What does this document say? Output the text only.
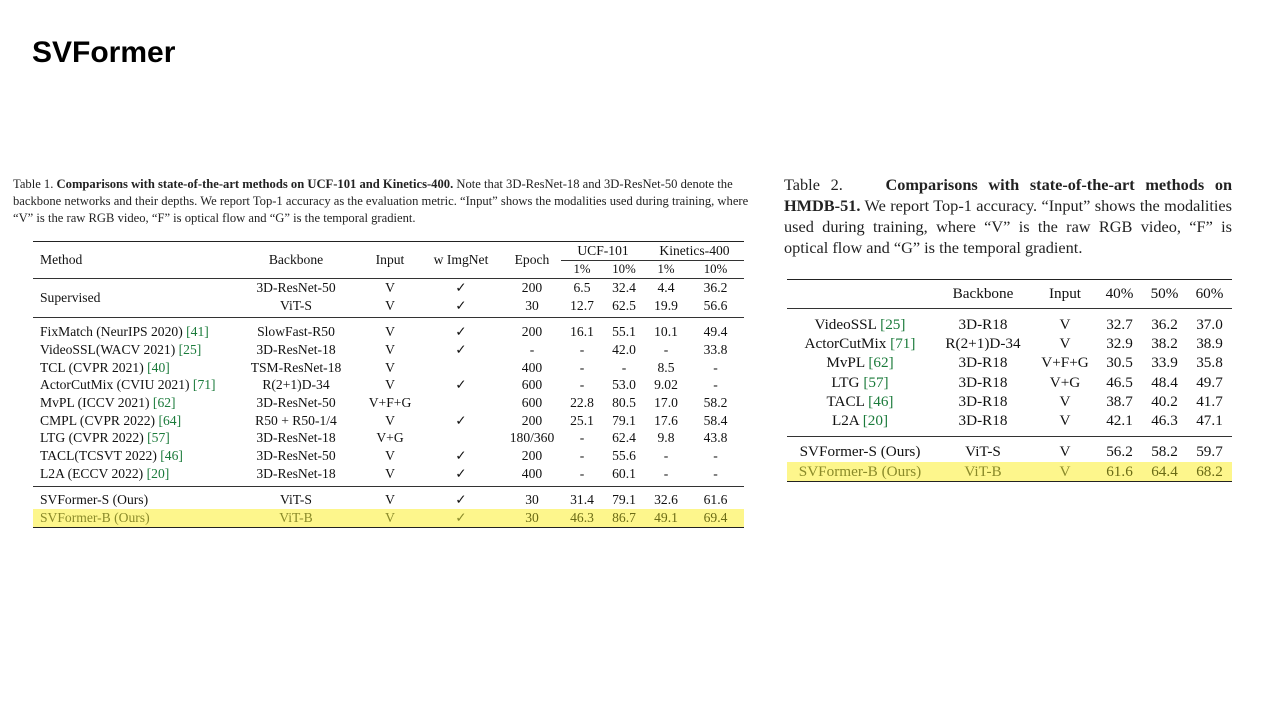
SVFormer

Table 1. Comparisons with state-of-the-art methods on UCF-101 and Kinetics-400. Note that 3D-ResNet-18 and 3D-ResNet-50 denote the backbone networks and their depths. We report Top-1 accuracy as the evaluation metric. “Input” shows the modalities used during training, where “V” is the raw RGB video, “F” is optical flow and “G” is the temporal gradient.

Method	Backbone	Input	w ImgNet	Epoch	UCF-101		Kinetics-400	
					1%	10%	1%	10%
Supervised	3D-ResNet-50	V	✓	200	6.5	32.4	4.4	36.2
	ViT-S	V	✓	30	12.7	62.5	19.9	56.6
FixMatch (NeurIPS 2020) [41]	SlowFast-R50	V	✓	200	16.1	55.1	10.1	49.4
VideoSSL(WACV 2021) [25]	3D-ResNet-18	V	✓	-	-	42.0	-	33.8
TCL (CVPR 2021) [40]	TSM-ResNet-18	V		400	-	-	8.5	-
ActorCutMix (CVIU 2021) [71]	R(2+1)D-34	V	✓	600	-	53.0	9.02	-
MvPL (ICCV 2021) [62]	3D-ResNet-50	V+F+G		600	22.8	80.5	17.0	58.2
CMPL (CVPR 2022) [64]	R50 + R50-1/4	V	✓	200	25.1	79.1	17.6	58.4
LTG (CVPR 2022) [57]	3D-ResNet-18	V+G		180/360	-	62.4	9.8	43.8
TACL(TCSVT 2022) [46]	3D-ResNet-50	V	✓	200	-	55.6	-	-
L2A (ECCV 2022) [20]	3D-ResNet-18	V	✓	400	-	60.1	-	-
SVFormer-S (Ours)	ViT-S	V	✓	30	31.4	79.1	32.6	61.6
SVFormer-B (Ours)	ViT-B	V	✓	30	46.3	86.7	49.1	69.4

Table 2.	Comparisons with state-of-the-art methods on HMDB-51. We report Top-1 accuracy. “Input” shows the modalities used during training, where “V” is the raw RGB video, “F” is optical flow and “G” is the temporal gradient.

	Backbone	Input	40%	50%	60%
VideoSSL [25]	3D-R18	V	32.7	36.2	37.0
ActorCutMix [71]	R(2+1)D-34	V	32.9	38.2	38.9
MvPL [62]	3D-R18	V+F+G	30.5	33.9	35.8
LTG [57]	3D-R18	V+G	46.5	48.4	49.7
TACL [46]	3D-R18	V	38.7	40.2	41.7
L2A [20]	3D-R18	V	42.1	46.3	47.1
SVFormer-S (Ours)	ViT-S	V	56.2	58.2	59.7
SVFormer-B (Ours)	ViT-B	V	61.6	64.4	68.2
